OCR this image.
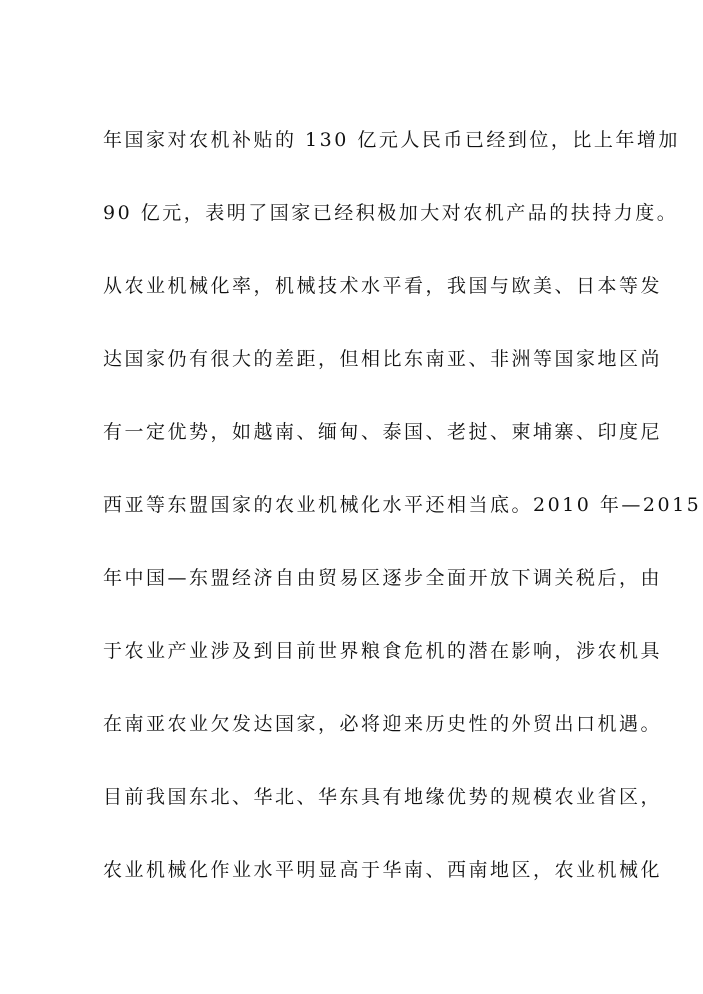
年国家对农机补贴的 130 亿元人民币已经到位，比上年增加
90 亿元，表明了国家已经积极加大对农机产品的扶持力度。
从农业机械化率，机械技术水平看，我国与欧美、日本等发
达国家仍有很大的差距，但相比东南亚、非洲等国家地区尚
有一定优势，如越南、缅甸、泰国、老挝、柬埔寨、印度尼
西亚等东盟国家的农业机械化水平还相当底。2010 年—2015
年中国—东盟经济自由贸易区逐步全面开放下调关税后，由
于农业产业涉及到目前世界粮食危机的潜在影响，涉农机具
在南亚农业欠发达国家，必将迎来历史性的外贸出口机遇。
目前我国东北、华北、华东具有地缘优势的规模农业省区，
农业机械化作业水平明显高于华南、西南地区，农业机械化
